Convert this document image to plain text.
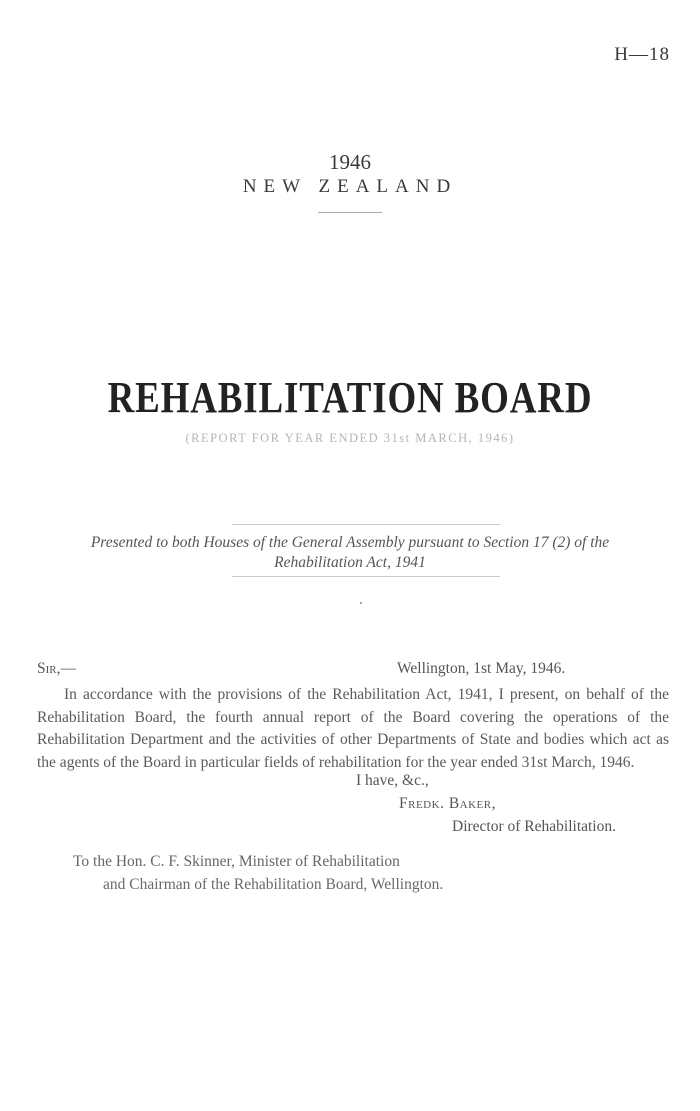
H—18
1946
NEW ZEALAND
REHABILITATION BOARD
(REPORT FOR YEAR ENDED 31st MARCH, 1946)
Presented to both Houses of the General Assembly pursuant to Section 17 (2) of the
Rehabilitation Act, 1941
Sir,—	Wellington, 1st May, 1946.
In accordance with the provisions of the Rehabilitation Act, 1941, I present, on behalf of the Rehabilitation Board, the fourth annual report of the Board covering the operations of the Rehabilitation Department and the activities of other Departments of State and bodies which act as the agents of the Board in particular fields of rehabilitation for the year ended 31st March, 1946.
I have, &c.,
Fredk. Baker,
Director of Rehabilitation.
To the Hon. C. F. Skinner, Minister of Rehabilitation
and Chairman of the Rehabilitation Board, Wellington.
